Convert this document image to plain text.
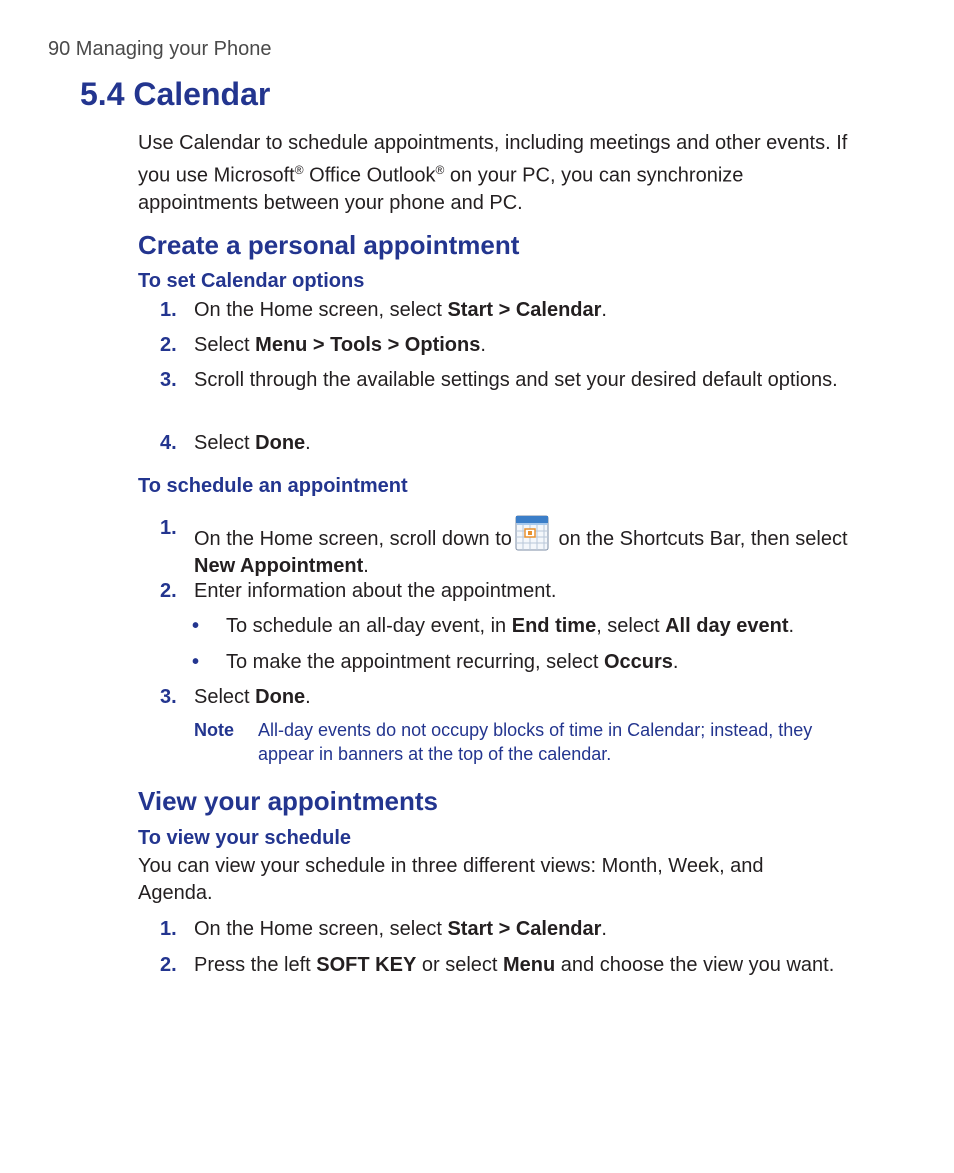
90 Managing your Phone
5.4 Calendar
Use Calendar to schedule appointments, including meetings and other events. If you use Microsoft® Office Outlook® on your PC, you can synchronize appointments between your phone and PC.
Create a personal appointment
To set Calendar options
1. On the Home screen, select Start > Calendar.
2. Select Menu > Tools > Options.
3. Scroll through the available settings and set your desired default options.
4. Select Done.
To schedule an appointment
1. On the Home screen, scroll down to on the Shortcuts Bar, then select New Appointment.
2. Enter information about the appointment.
• To schedule an all-day event, in End time, select All day event.
• To make the appointment recurring, select Occurs.
3. Select Done.
Note All-day events do not occupy blocks of time in Calendar; instead, they appear in banners at the top of the calendar.
View your appointments
To view your schedule
You can view your schedule in three different views: Month, Week, and Agenda.
1. On the Home screen, select Start > Calendar.
2. Press the left SOFT KEY or select Menu and choose the view you want.
